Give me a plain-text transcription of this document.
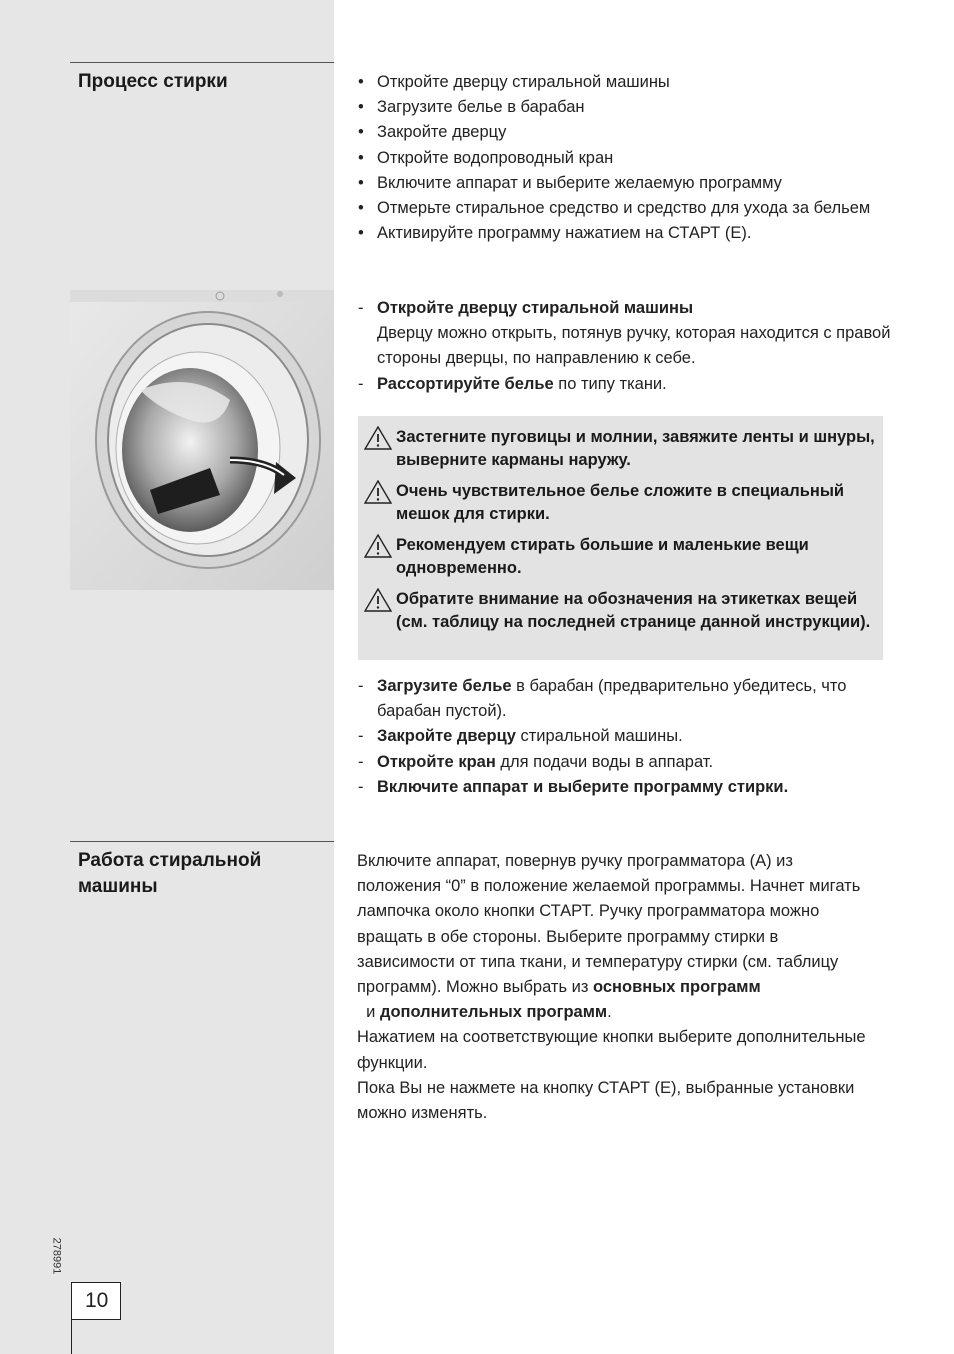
Процесс стирки	• Откройте дверцу стиральной машины
• Загрузите белье в барабан
• Закройте дверцу
• Откройте водопроводный кран
• Включите аппарат и выберите желаемую программу
• Отмерьте стиральное средство и средство для ухода за бельем
• Активируйте программу нажатием на СТАРТ (Е).
- Откройте дверцу стиральной машины
Дверцу можно открыть, потянув ручку, которая находится с правой стороны дверцы, по направлению к себе.
- Рассортируйте белье по типу ткани.

Застегните пуговицы и молнии, завяжите ленты и шнуры, выверните карманы наружу.

Очень чувствительное белье сложите в специальный мешок для стирки.

Рекомендуем стирать большие и маленькие вещи одновременно.

Обратите внимание на обозначения на этикетках вещей (см. таблицу на последней странице данной инструкции).

- Загрузите белье в барабан (предварительно убедитесь, что барабан пустой).
- Закройте дверцу стиральной машины.
- Откройте кран для подачи воды в аппарат.
- Включите аппарат и выберите программу стирки.
Работа стиральной машины

Включите аппарат, повернув ручку программатора (А) из положения “0” в положение желаемой программы. Начнет мигать лампочка около кнопки СТАРТ. Ручку программатора можно вращать в обе стороны. Выберите программу стирки в зависимости от типа ткани, и температуру стирки (см. таблицу программ). Можно выбрать из основных программ  и дополнительных программ.

Нажатием на соответствующие кнопки выберите дополнительные функции.

Пока Вы не нажмете на кнопку СТАРТ (Е), выбранные установки можно изменять.

278991
10
